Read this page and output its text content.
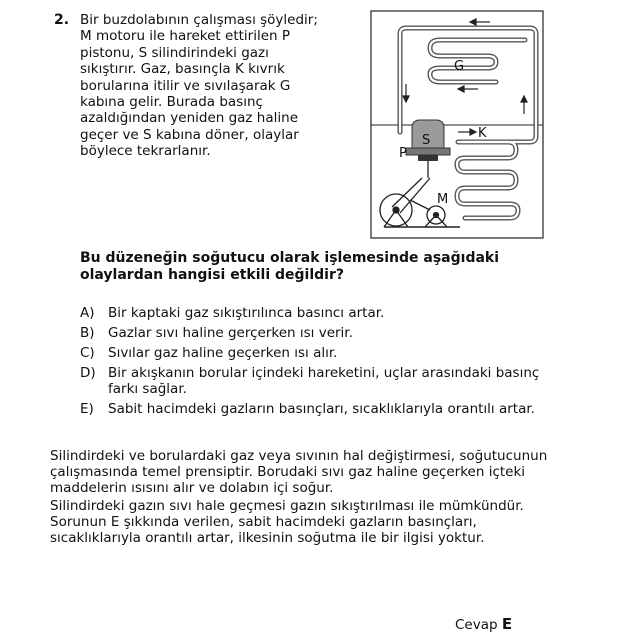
2. Bir buzdolabının çalışması şöyledir;
M motoru ile hareket ettirilen P
pistonu, S silindirindeki gazı
sıkıştırır. Gaz, basınçla K kıvrık
borularına itilir ve sıvılaşarak G
kabına gelir. Burada basınç
azaldığından yeniden gaz haline
geçer ve S kabına döner, olaylar
böylece tekrarlanır.
G
S
P
K
M
Bu düzeneğin soğutucu olarak işlemesinde aşağıdaki
olaylardan hangisi etkili değildir?
A) Bir kaptaki gaz sıkıştırılınca basıncı artar.
B) Gazlar sıvı haline gerçerken ısı verir.
C) Sıvılar gaz haline geçerken ısı alır.
D) Bir akışkanın borular içindeki hareketini, uçlar arasındaki basınç farkı sağlar.
E)	Sabit hacimdeki gazların basınçları, sıcaklıklarıyla orantılı artar.
Silindirdeki ve borulardaki gaz veya sıvının hal değiştirmesi, soğutucunun çalışmasında temel prensiptir. Borudaki sıvı gaz haline geçerken içteki maddelerin ısısını alır ve dolabın içi soğur.
Silindirdeki gazın sıvı hale geçmesi gazın sıkıştırılması ile mümkündür. Sorunun E şıkkında verilen, sabit hacimdeki gazların basınçları, sıcaklıklarıyla orantılı artar, ilkesinin soğutma ile bir ilgisi yoktur.
Cevap E
